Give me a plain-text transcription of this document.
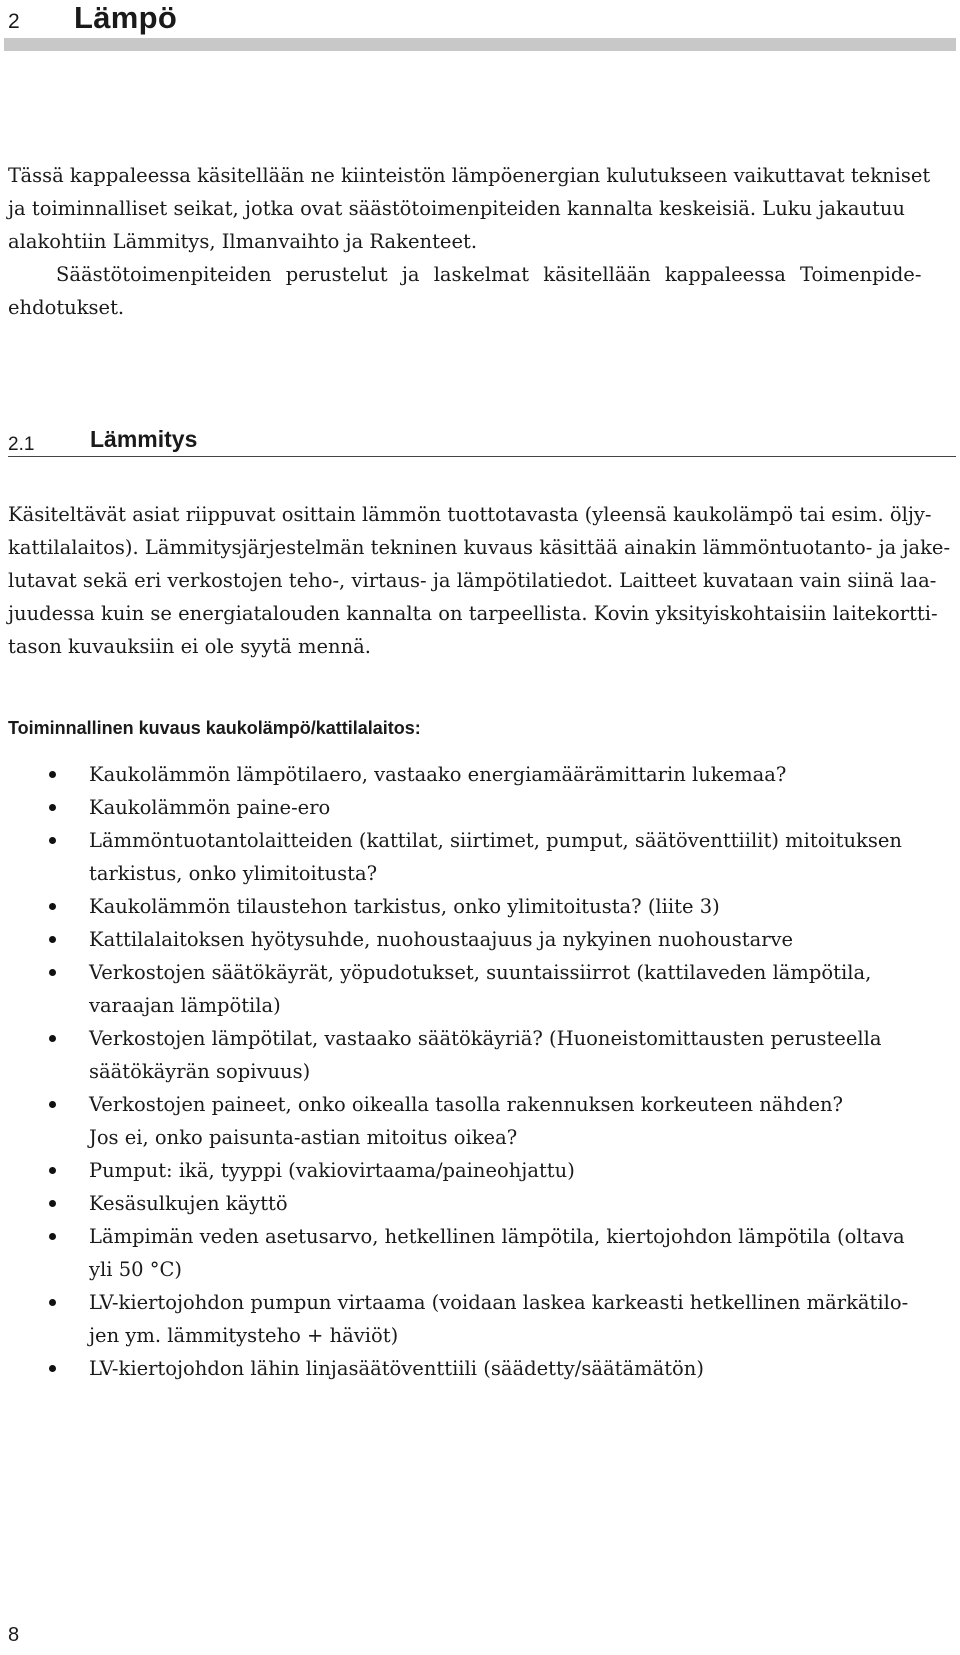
2 Lämpö

Tässä kappaleessa käsitellään ne kiinteistön lämpöenergian kulutukseen vaikuttavat tekniset
ja toiminnalliset seikat, jotka ovat säästötoimenpiteiden kannalta keskeisiä. Luku jakautuu
alakohtiin Lämmitys, Ilmanvaihto ja Rakenteet.
Säästötoimenpiteiden perustelut ja laskelmat käsitellään kappaleessa Toimenpide-
ehdotukset.

2.1 Lämmitys

Käsiteltävät asiat riippuvat osittain lämmön tuottotavasta (yleensä kaukolämpö tai esim. öljy-
kattilalaitos). Lämmitysjärjestelmän tekninen kuvaus käsittää ainakin lämmöntuotanto- ja jake-
lutavat sekä eri verkostojen teho-, virtaus- ja lämpötilatiedot. Laitteet kuvataan vain siinä laa-
juudessa kuin se energiatalouden kannalta on tarpeellista. Kovin yksityiskohtaisiin laitekortti-
tason kuvauksiin ei ole syytä mennä.

Toiminnallinen kuvaus kaukolämpö/kattilalaitos:
Kaukolämmön lämpötilaero, vastaako energiamäärämittarin lukemaa?
Kaukolämmön paine-ero
Lämmöntuotantolaitteiden (kattilat, siirtimet, pumput, säätöventtiilit) mitoituksen
tarkistus, onko ylimitoitusta?
Kaukolämmön tilaustehon tarkistus, onko ylimitoitusta? (liite 3)
Kattilalaitoksen hyötysuhde, nuohoustaajuus ja nykyinen nuohoustarve
Verkostojen säätökäyrät, yöpudotukset, suuntaissiirrot (kattilaveden lämpötila,
varaajan lämpötila)
Verkostojen lämpötilat, vastaako säätökäyriä? (Huoneistomittausten perusteella
säätökäyrän sopivuus)
Verkostojen paineet, onko oikealla tasolla rakennuksen korkeuteen nähden?
Jos ei, onko paisunta-astian mitoitus oikea?
Pumput: ikä, tyyppi (vakiovirtaama/paineohjattu)
Kesäsulkujen käyttö
Lämpimän veden asetusarvo, hetkellinen lämpötila, kiertojohdon lämpötila (oltava
yli 50 °C)
LV-kiertojohdon pumpun virtaama (voidaan laskea karkeasti hetkellinen märkätilo-
jen ym. lämmitysteho + häviöt)
LV-kiertojohdon lähin linjasäätöventtiili (säädetty/säätämätön)
8
